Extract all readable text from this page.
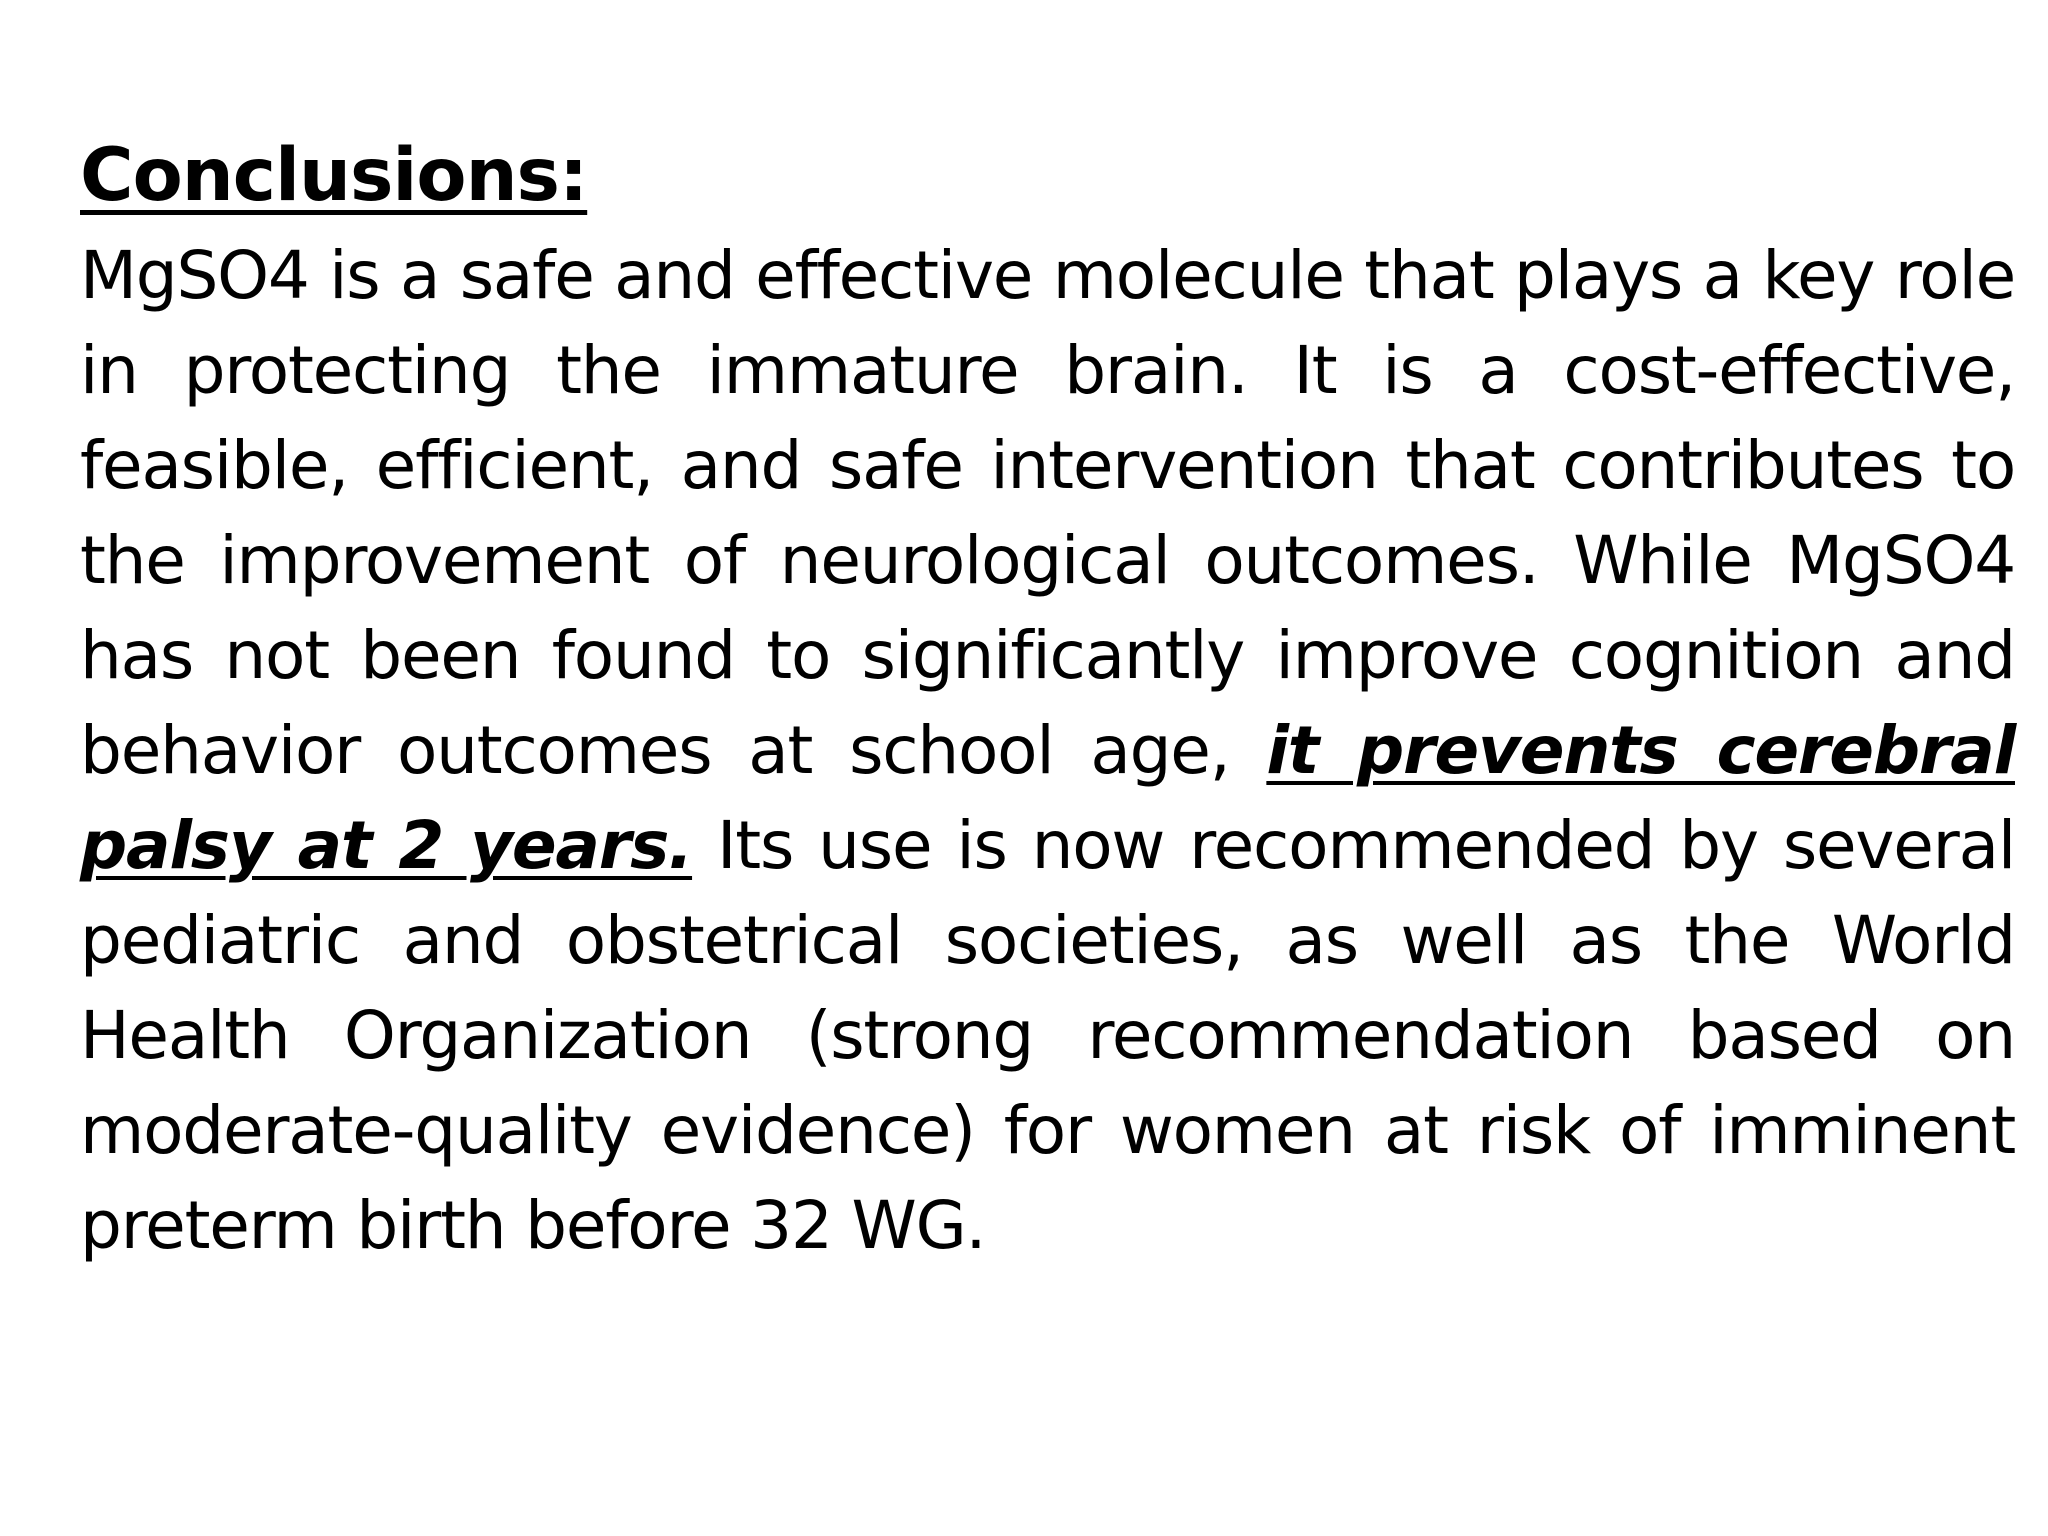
Conclusions:

MgSO4 is a safe and effective molecule that plays a key role in protecting the immature brain. It is a cost-effective, feasible, efficient, and safe intervention that contributes to the improvement of neurological outcomes. While MgSO4 has not been found to significantly improve cognition and behavior outcomes at school age, it prevents cerebral palsy at 2 years. Its use is now recommended by several pediatric and obstetrical societies, as well as the World Health Organization (strong recommendation based on moderate-quality evidence) for women at risk of imminent preterm birth before 32 WG.
